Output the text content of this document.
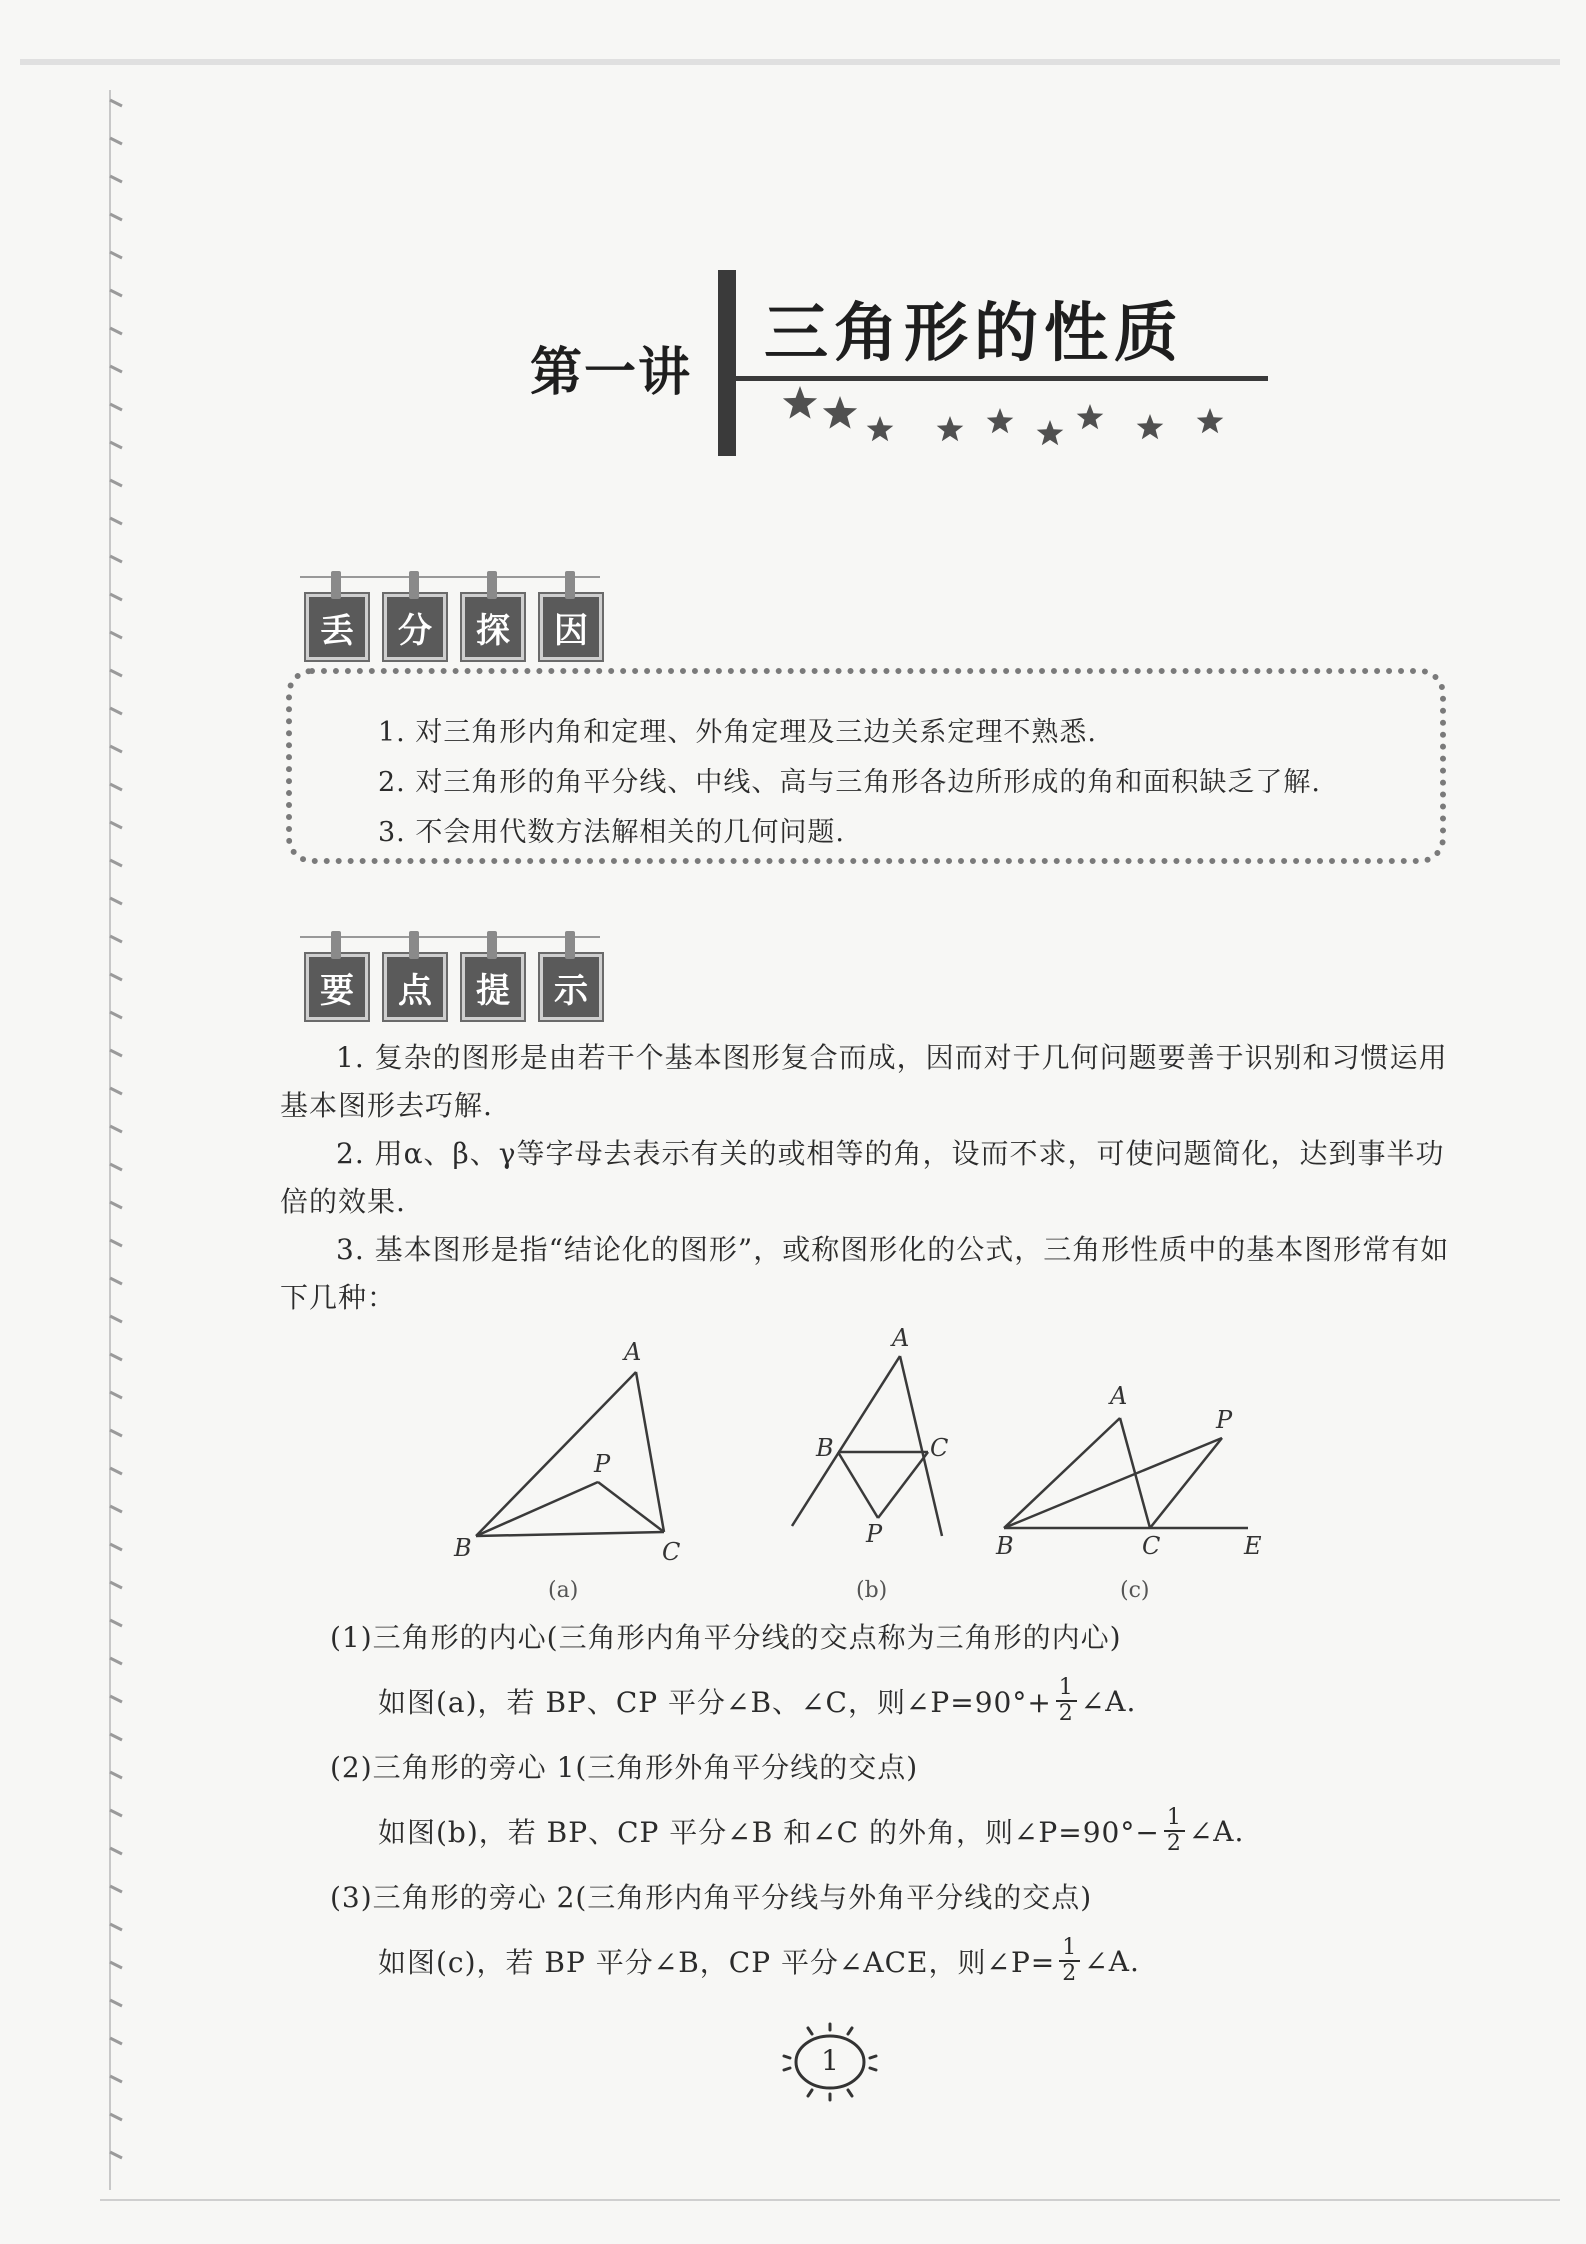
第一讲
三角形的性质
丢	分	探	因
1. 对三角形内角和定理、外角定理及三边关系定理不熟悉.
2. 对三角形的角平分线、中线、高与三角形各边所形成的角和面积缺乏了解.
3. 不会用代数方法解相关的几何问题.
要	点	提	示
1. 复杂的图形是由若干个基本图形复合而成，因而对于几何问题要善于识别和习惯运用基本图形去巧解.
2. 用α、β、γ等字母去表示有关的或相等的角，设而不求，可使问题简化，达到事半功倍的效果.
3. 基本图形是指“结论化的图形”，或称图形化的公式，三角形性质中的基本图形常有如下几种：
A
B	C
P
A
B	C
P
A
B	C
P
E
(a)	(b)	(c)
(1)三角形的内心(三角形内角平分线的交点称为三角形的内心)
如图(a)，若 BP、CP 平分∠B、∠C，则∠P=90°+ $\frac{1}{2}$ ∠A.
(2)三角形的旁心 1(三角形外角平分线的交点)
如图(b)，若 BP、CP 平分∠B 和∠C 的外角，则∠P=90°− $\frac{1}{2}$ ∠A.
(3)三角形的旁心 2(三角形内角平分线与外角平分线的交点)
如图(c)，若 BP 平分∠B，CP 平分∠ACE，则∠P= $\frac{1}{2}$ ∠A.
1
